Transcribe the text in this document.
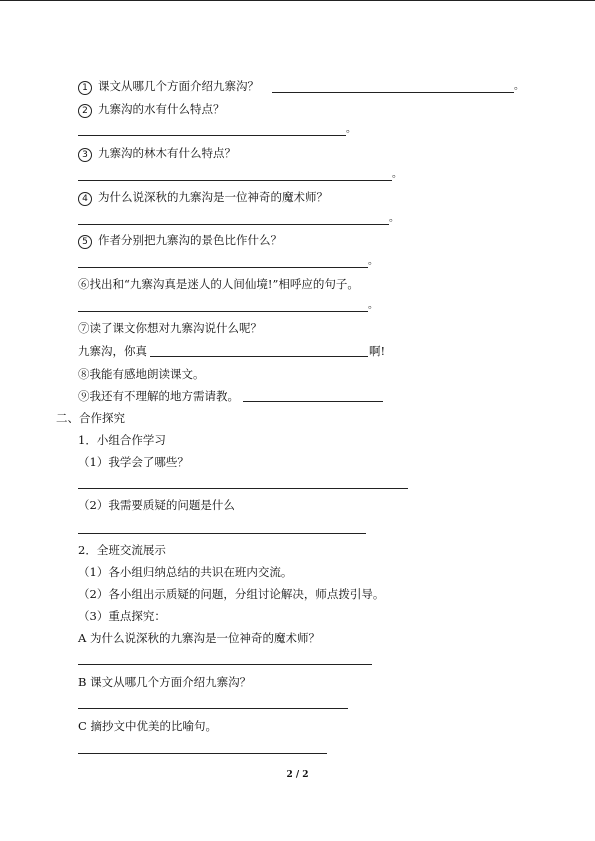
1 课文从哪几个方面介绍九寨沟？	。
2 九寨沟的水有什么特点？
。
3 九寨沟的林木有什么特点？
。
4 为什么说深秋的九寨沟是一位神奇的魔术师？
。
5 作者分别把九寨沟的景色比作什么？
。
⑥找出和“九寨沟真是迷人的人间仙境!”相呼应的句子。
。
⑦读了课文你想对九寨沟说什么呢？
九寨沟，你真	啊!
⑧我能有感地朗读课文。
⑨我还有不理解的地方需请教。
二、合作探究
1．小组合作学习
（1）我学会了哪些？
（2）我需要质疑的问题是什么
2．全班交流展示
（1）各小组归纳总结的共识在班内交流。
（2）各小组出示质疑的问题，分组讨论解决，师点拨引导。
（3）重点探究：
A 为什么说深秋的九寨沟是一位神奇的魔术师？
B 课文从哪几个方面介绍九寨沟？
C 摘抄文中优美的比喻句。
2 / 2
